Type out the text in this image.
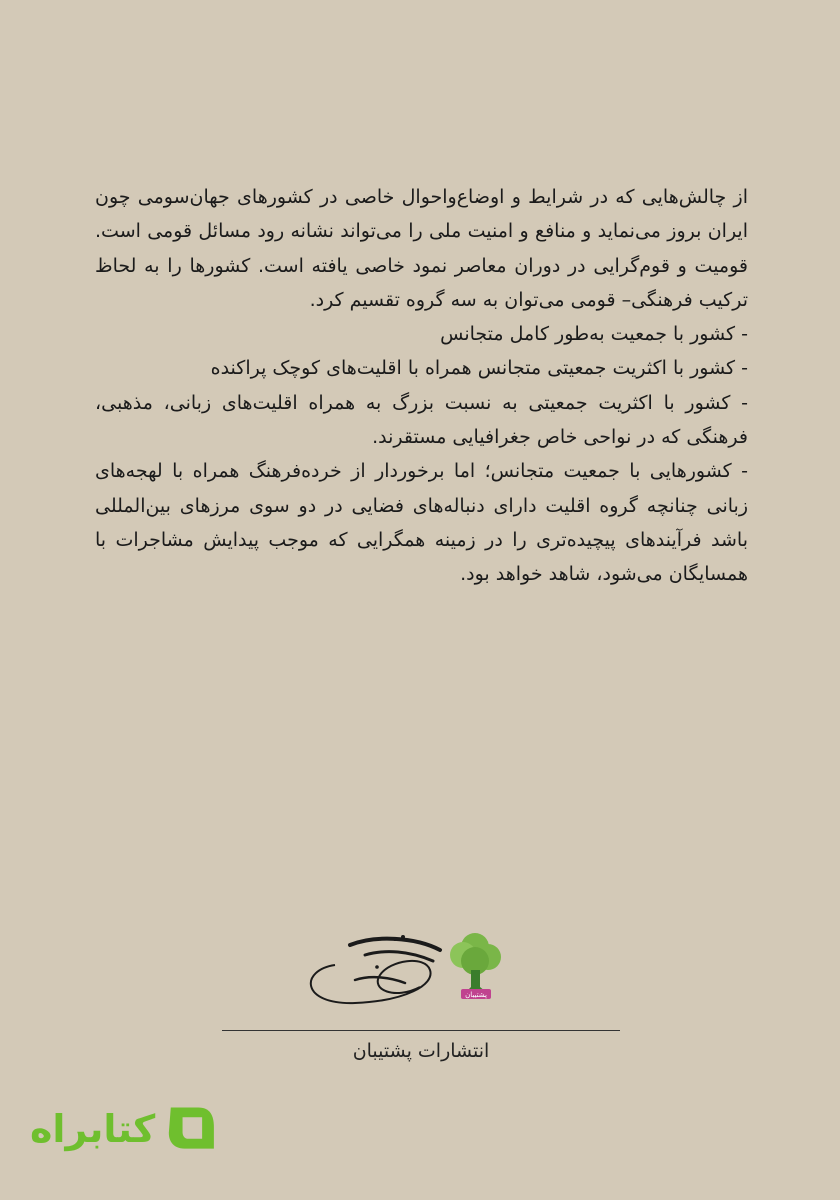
از چالش‌هایی که در شرایط و اوضاع‌واحوال خاصی در کشورهای جهان‌سومی چون ایران بروز می‌نماید و منافع و امنیت ملی را می‌تواند نشانه رود مسائل قومی است. قومیت و قوم‌گرایی در دوران معاصر نمود خاصی یافته است. کشورها را به لحاظ ترکیب فرهنگی– قومی می‌توان به سه گروه تقسیم کرد.

- کشور با جمعیت به‌طور کامل متجانس

- کشور با اکثریت جمعیتی متجانس همراه با اقلیت‌های کوچک پراکنده

- کشور با اکثریت جمعیتی به نسبت بزرگ به همراه اقلیت‌های زبانی، مذهبی، فرهنگی که در نواحی خاص جغرافیایی مستقرند.

- کشورهایی با جمعیت متجانس؛ اما برخوردار از خرده‌فرهنگ همراه با لهجه‌های زبانی چنانچه گروه اقلیت دارای دنباله‌های فضایی در دو سوی مرزهای بین‌المللی باشد فرآیندهای پیچیده‌تری را در زمینه همگرایی که موجب پیدایش مشاجرات با همسایگان می‌شود، شاهد خواهد بود.

پشتیبان
انتشارات پشتیبان
کتابراه
